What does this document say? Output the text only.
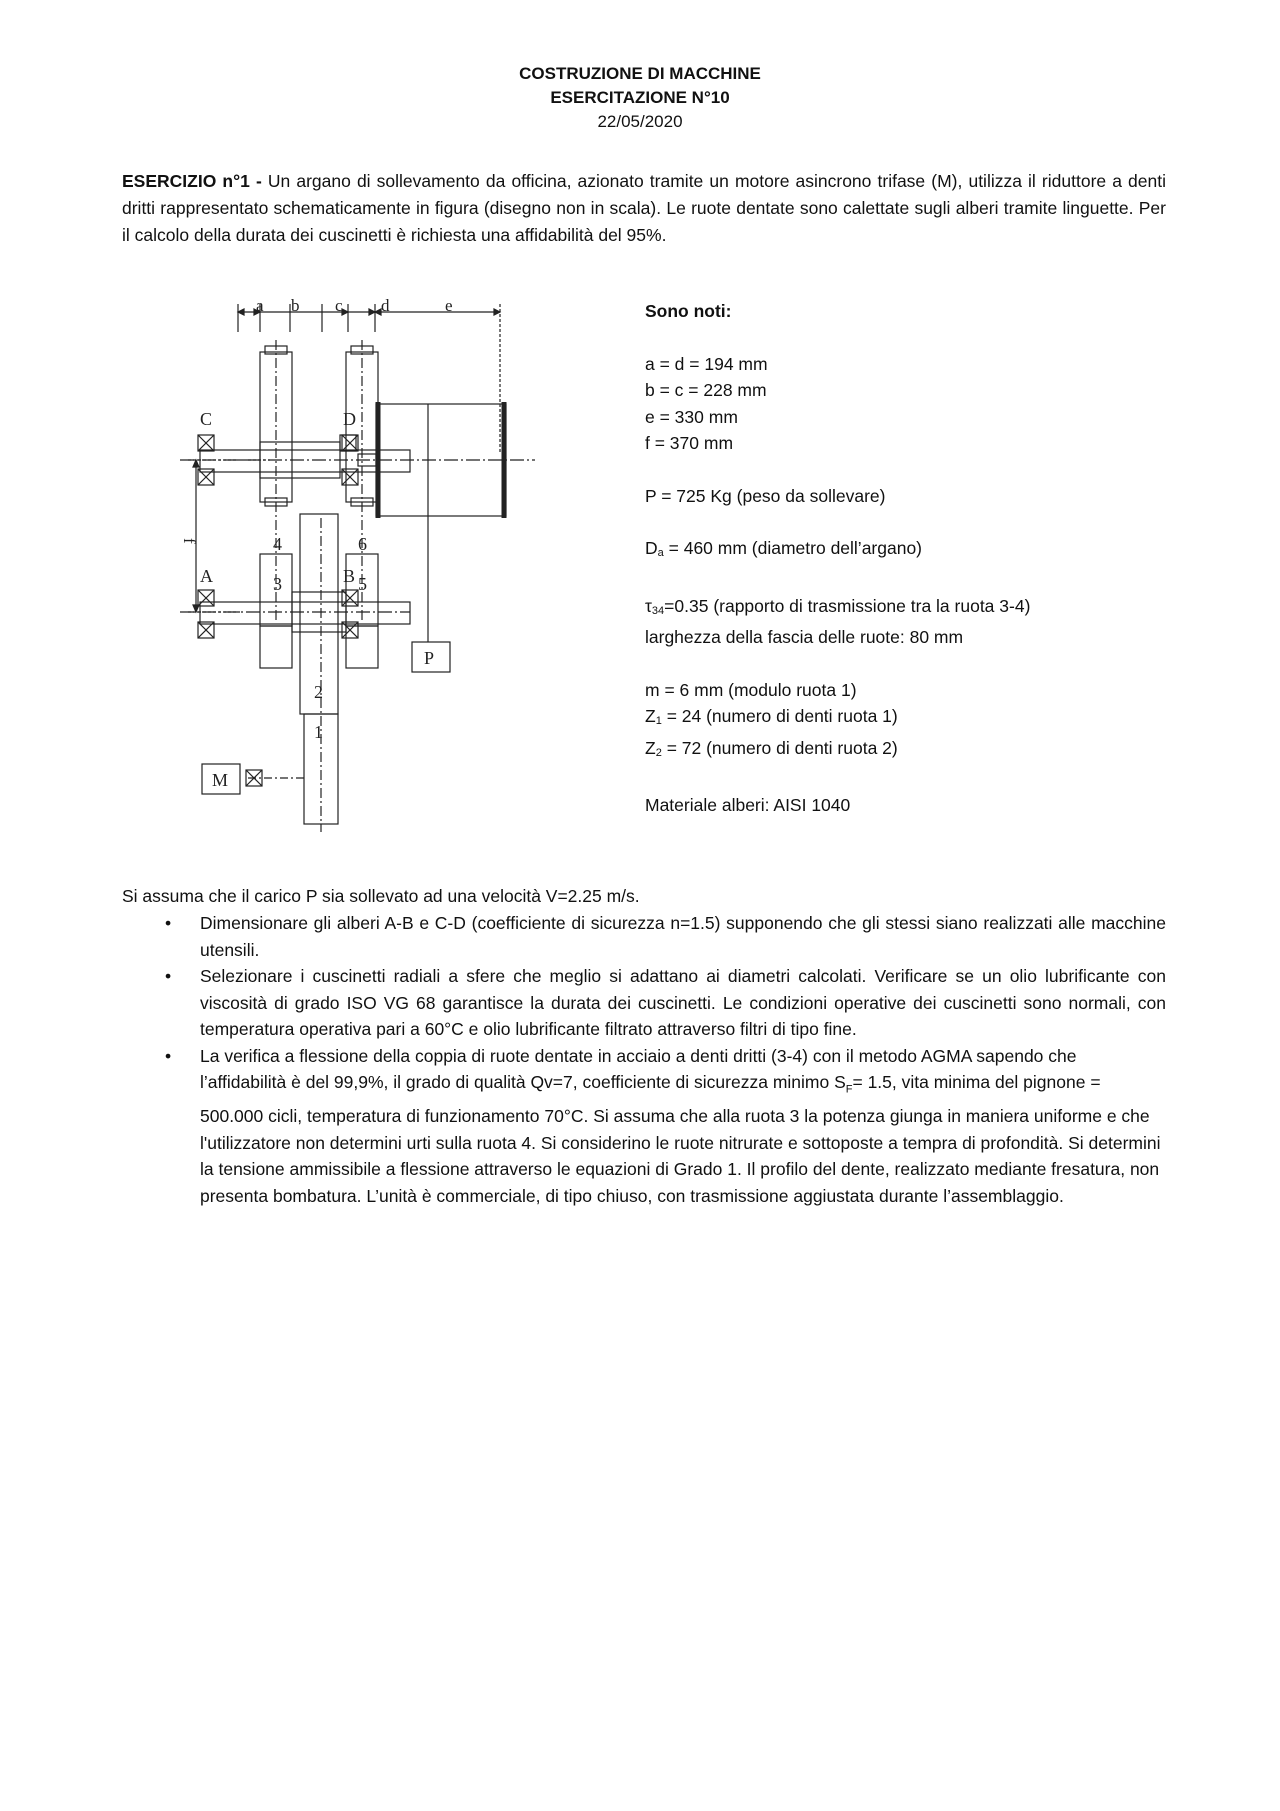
COSTRUZIONE DI MACCHINE
ESERCITAZIONE N°10
22/05/2020
ESERCIZIO n°1 - Un argano di sollevamento da officina, azionato tramite un motore asincrono trifase (M), utilizza il riduttore a denti dritti rappresentato schematicamente in figura (disegno non in scala). Le ruote dentate sono calettate sugli alberi tramite linguette. Per il calcolo della durata dei cuscinetti è richiesta una affidabilità del 95%.
a b c d	e
f
C	D
P
A	B
M
4	6
3	5
2
1
Sono noti:
a = d = 194 mm
b = c = 228 mm
e = 330 mm
f = 370 mm
P = 725 Kg (peso da sollevare)
$D_a = 460$ mm (diametro dell’argano)
$\tau_{34}=0.35$ (rapporto di trasmissione tra la ruota 3-4)
larghezza della fascia delle ruote: 80 mm
m = 6 mm (modulo ruota 1)
$Z_1 = 24$ (numero di denti ruota 1)
$Z_2 = 72$ (numero di denti ruota 2)
Materiale alberi: AISI 1040
Si assuma che il carico P sia sollevato ad una velocità V=2.25 m/s.
• Dimensionare gli alberi A-B e C-D (coefficiente di sicurezza n=1.5) supponendo che gli stessi siano realizzati alle macchine utensili.
• Selezionare i cuscinetti radiali a sfere che meglio si adattano ai diametri calcolati. Verificare se un olio lubrificante con viscosità di grado ISO VG 68 garantisce la durata dei cuscinetti. Le condizioni operative dei cuscinetti sono normali, con temperatura operativa pari a 60°C e olio lubrificante filtrato attraverso filtri di tipo fine.
• La verifica a flessione della coppia di ruote dentate in acciaio a denti dritti (3-4) con il metodo AGMA sapendo che l’affidabilità è del 99,9%, il grado di qualità Qv=7, coefficiente di sicurezza minimo $S_F= 1.5$, vita minima del pignone = 500.000 cicli, temperatura di funzionamento 70°C. Si assuma che alla ruota 3 la potenza giunga in maniera uniforme e che l'utilizzatore non determini urti sulla ruota 4. Si considerino le ruote nitrurate e sottoposte a tempra di profondità. Si determini la tensione ammissibile a flessione attraverso le equazioni di Grado 1. Il profilo del dente, realizzato mediante fresatura, non presenta bombatura. L’unità è commerciale, di tipo chiuso, con trasmissione aggiustata durante l’assemblaggio.
